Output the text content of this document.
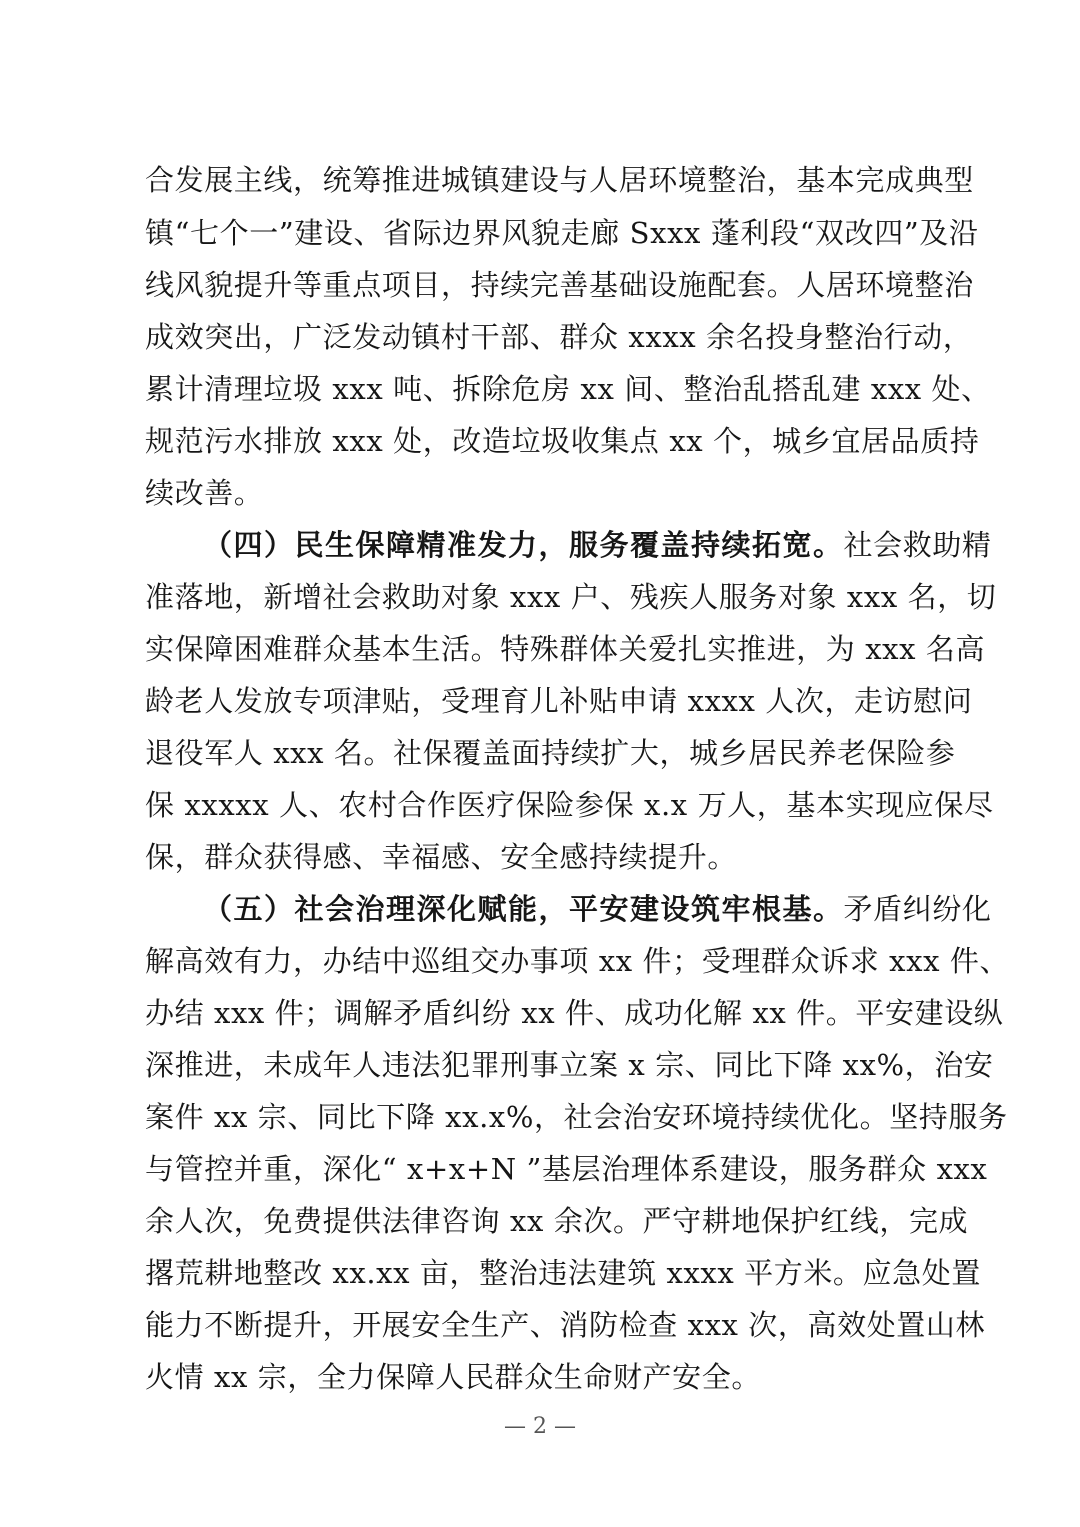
合发展主线，统筹推进城镇建设与人居环境整治，基本完成典型
镇“七个一”建设、省际边界风貌走廊 Sxxx 蓬利段“双改四”及沿
线风貌提升等重点项目，持续完善基础设施配套。人居环境整治
成效突出，广泛发动镇村干部、群众 xxxx 余名投身整治行动，
累计清理垃圾 xxx 吨、拆除危房 xx 间、整治乱搭乱建 xxx 处、
规范污水排放 xxx 处，改造垃圾收集点 xx 个，城乡宜居品质持
续改善。
（四）民生保障精准发力，服务覆盖持续拓宽。社会救助精
准落地，新增社会救助对象 xxx 户、残疾人服务对象 xxx 名，切
实保障困难群众基本生活。特殊群体关爱扎实推进，为 xxx 名高
龄老人发放专项津贴，受理育儿补贴申请 xxxx 人次，走访慰问
退役军人 xxx 名。社保覆盖面持续扩大，城乡居民养老保险参
保 xxxxx 人、农村合作医疗保险参保 x.x 万人，基本实现应保尽
保，群众获得感、幸福感、安全感持续提升。
（五）社会治理深化赋能，平安建设筑牢根基。矛盾纠纷化
解高效有力，办结中巡组交办事项 xx 件；受理群众诉求 xxx 件、
办结 xxx 件；调解矛盾纠纷 xx 件、成功化解 xx 件。平安建设纵
深推进，未成年人违法犯罪刑事立案 x 宗、同比下降 xx%，治安
案件 xx 宗、同比下降 xx.x%，社会治安环境持续优化。坚持服务
与管控并重，深化“ x+x+N ”基层治理体系建设，服务群众 xxx
余人次，免费提供法律咨询 xx 余次。严守耕地保护红线，完成
撂荒耕地整改 xx.xx 亩，整治违法建筑 xxxx 平方米。应急处置
能力不断提升，开展安全生产、消防检查 xxx 次，高效处置山林
火情 xx 宗，全力保障人民群众生命财产安全。
— 2 —
